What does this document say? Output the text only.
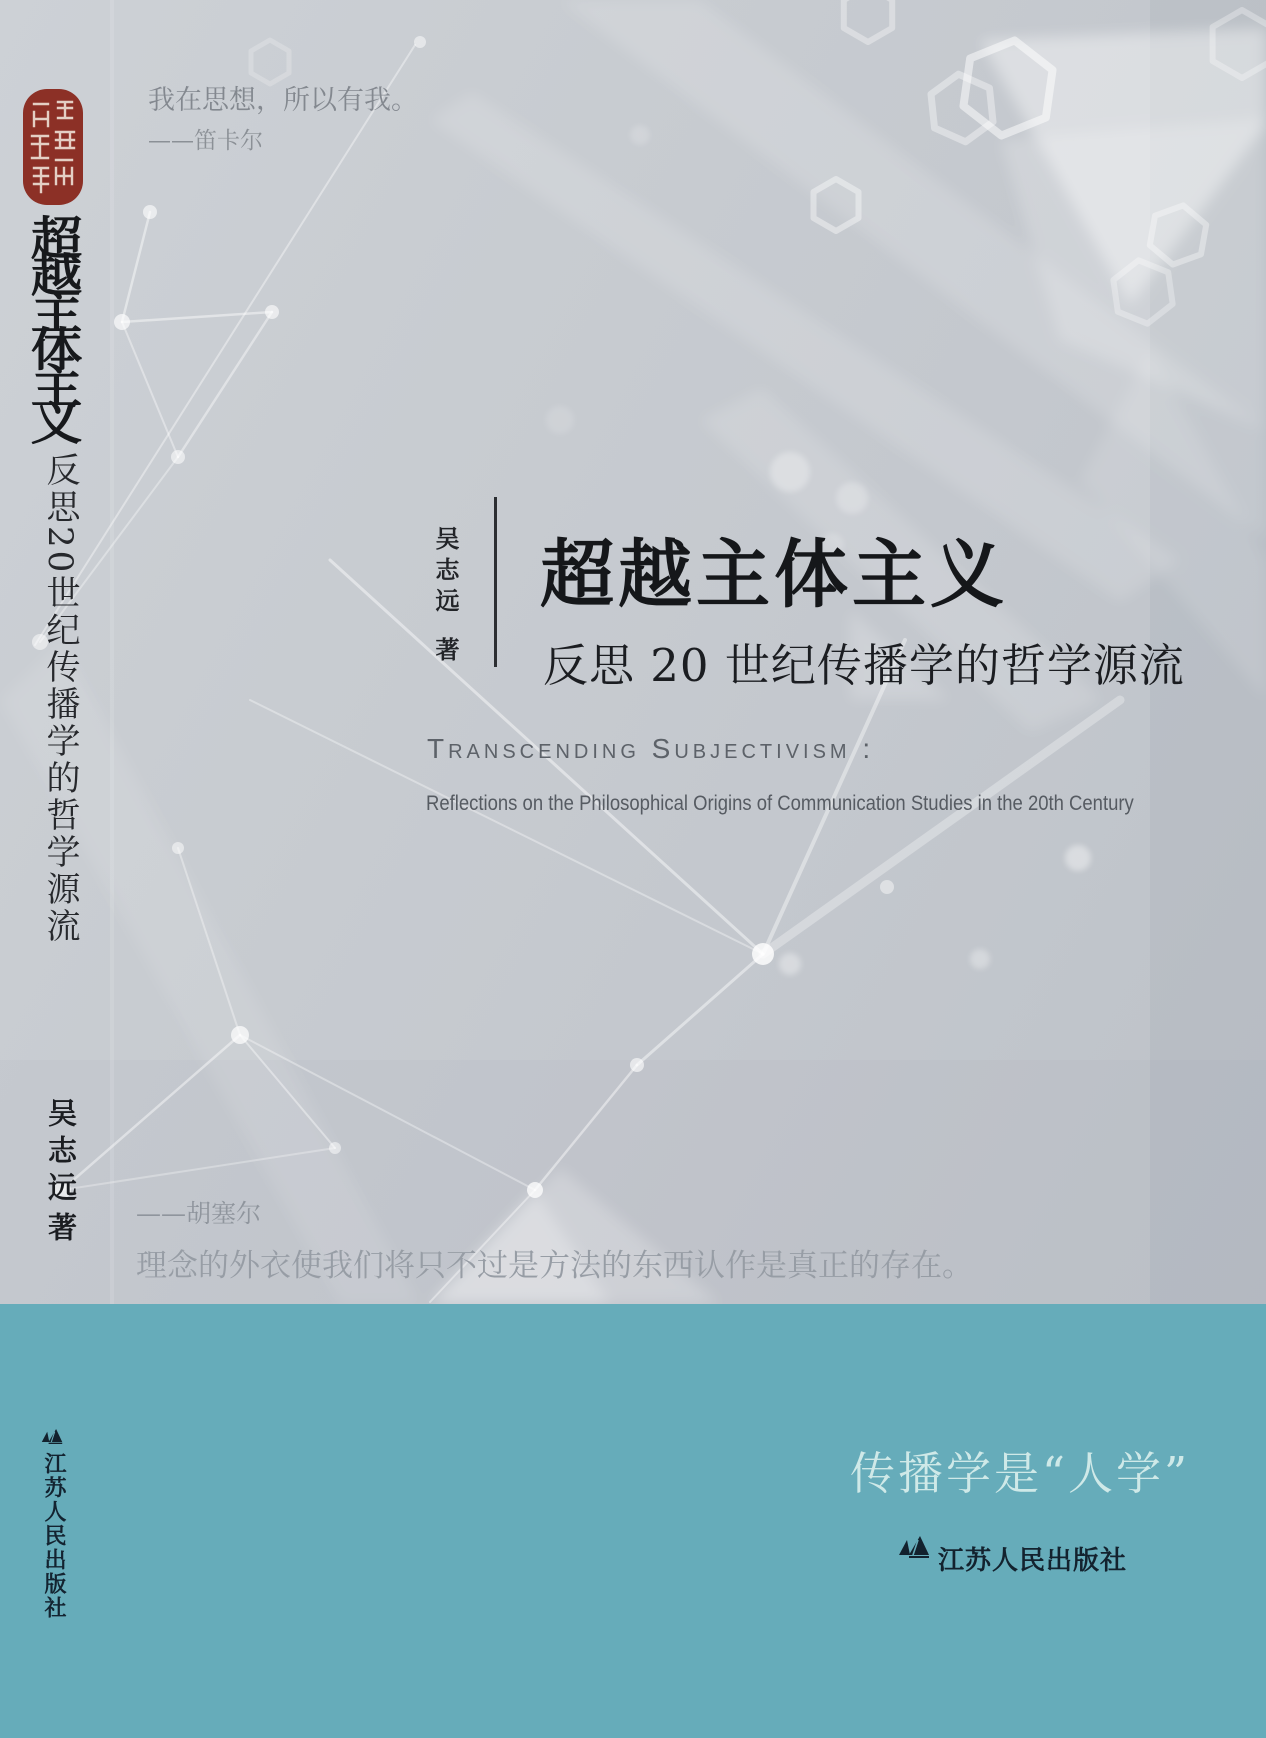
我在思想，所以有我。
——笛卡尔
超越主体主义
反思20世纪传播学的哲学源流
吴志远
著
吴志远
著
超越主体主义
反思 20 世纪传播学的哲学源流
Transcending Subjectivism :
Reflections on the Philosophical Origins of Communication Studies in the 20th Century
——胡塞尔
理念的外衣使我们将只不过是方法的东西认作是真正的存在。
传播学是“人学”
江苏人民出版社
江苏人民出版社
